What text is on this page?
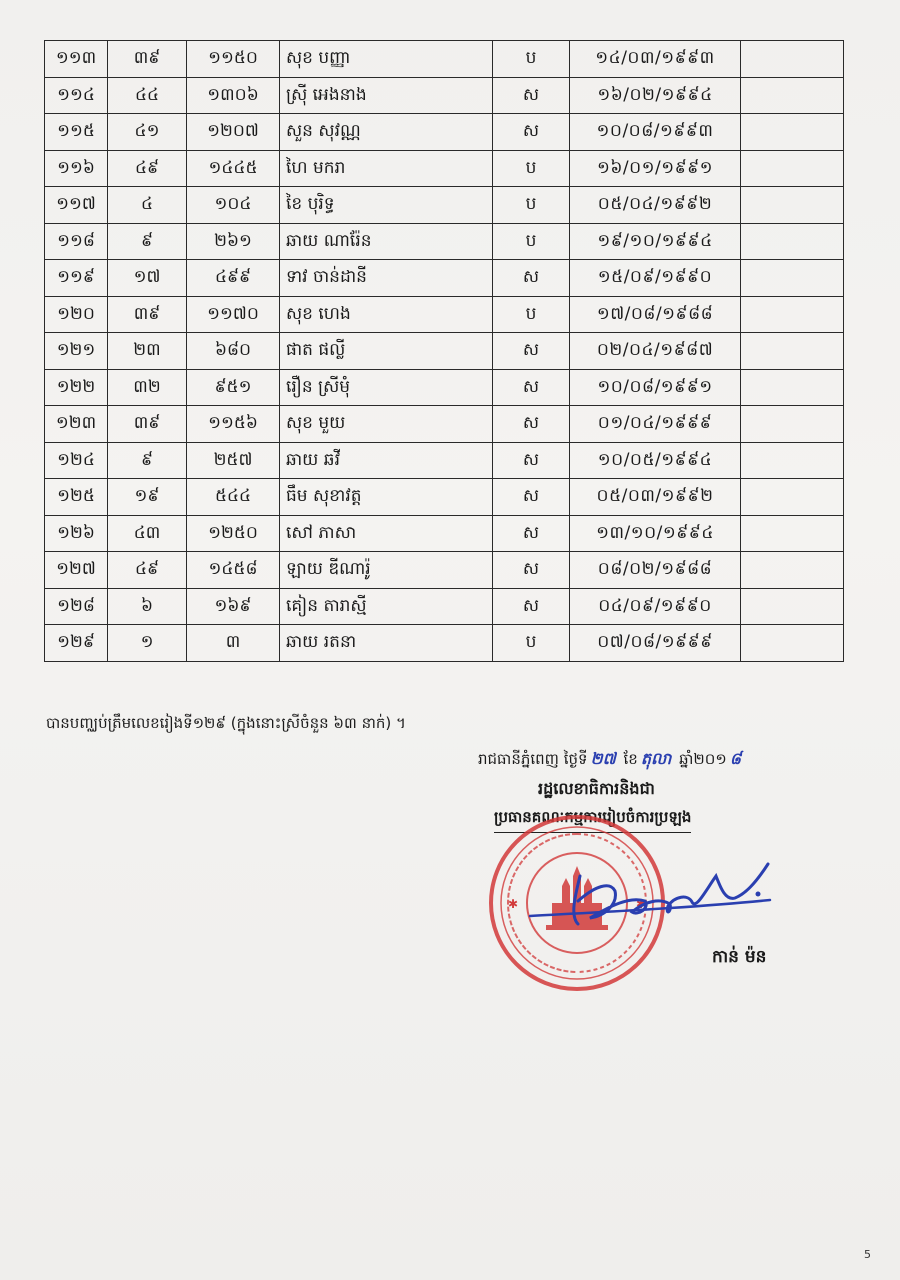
១១៣	៣៩	១១៥០	សុខ បញ្ញា	ប	១៤/០៣/១៩៩៣	
១១៤	៤៤	១៣០៦	ស្រ៊ី អេងនាង	ស	១៦/០២/១៩៩៤	
១១៥	៤១	១២០៧	សួន សុវណ្ណ	ស	១០/០៨/១៩៩៣	
១១៦	៤៩	១៤៤៥	ហៃ មករា	ប	១៦/០១/១៩៩១	
១១៧	៤	១០៤	ខៃ បុរិទ្ធ	ប	០៥/០៤/១៩៩២	
១១៨	៩	២៦១	ឆាយ ណារ៉ែន	ប	១៩/១០/១៩៩៤	
១១៩	១៧	៤៩៩	ទាវ ចាន់ដានី	ស	១៥/០៩/១៩៩០	
១២០	៣៩	១១៧០	សុខ ហេង	ប	១៧/០៨/១៩៨៨	
១២១	២៣	៦៨០	ផាត ផល្លី	ស	០២/០៤/១៩៨៧	
១២២	៣២	៩៥១	រឿន ស្រីមុំ	ស	១០/០៨/១៩៩១	
១២៣	៣៩	១១៥៦	សុខ មួយ	ស	០១/០៤/១៩៩៩	
១២៤	៩	២៥៧	ឆាយ ឆវី	ស	១០/០៥/១៩៩៤	
១២៥	១៩	៥៤៤	ធឹម សុខាវត្ត	ស	០៥/០៣/១៩៩២	
១២៦	៤៣	១២៥០	សៅ ភាសា	ស	១៣/១០/១៩៩៤	
១២៧	៤៩	១៤៥៨	ឡាយ ឌីណារ៉ូ	ស	០៨/០២/១៩៨៨	
១២៨	៦	១៦៩	គៀន តារាស្មី	ស	០៤/០៩/១៩៩០	
១២៩	១	៣	ឆាយ រតនា	ប	០៧/០៨/១៩៩៩	
បានបញ្ឈប់ត្រឹមលេខរៀងទី១២៩ (ក្នុងនោះស្រីចំនួន ៦៣ នាក់) ។
រាជធានីភ្នំពេញ ថ្ងៃទី ២៧ ខែ តុលា ឆ្នាំ២០១ ៨
រដ្ឋលេខាធិការនិងជា
ប្រធានគណៈកម្មការរៀបចំការប្រឡង
✱	✱
កាន់ ម៉ន
5
